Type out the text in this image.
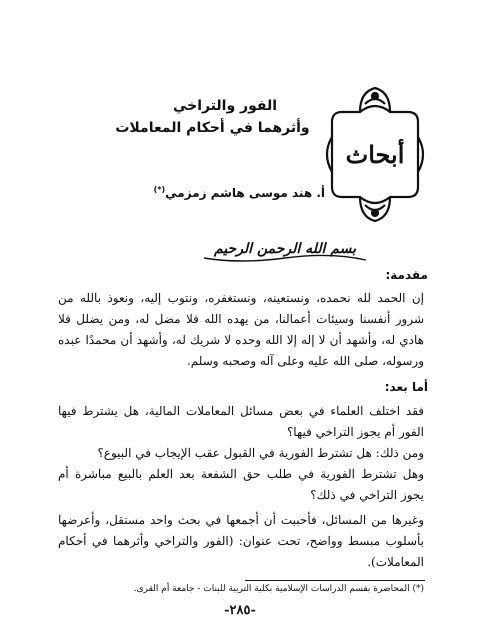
الفور والتراخي
وأثرهما في أحكام المعاملات
أ. هند موسى هاشم زمزمي(*)
أبحاث
بسم الله الرحمن الرحيم
مقدمة:
إن الحمد لله نحمده، ونستعينه، ونستغفره، ونتوب إليه، ونعوذ بالله من شرور أنفسنا وسيئات أعمالنا، من يهده الله فلا مضل له، ومن يضلل فلا هادي له، وأشهد أن لا إله إلا الله وحده لا شريك له، وأشهد أن محمدًا عبده ورسوله، صلى الله عليه وعلى آله وصحبه وسلم.
أما بعد:
فقد اختلف العلماء في بعض مسائل المعاملات المالية، هل يشترط فيها الفور أم يجوز التراخي فيها؟
ومن ذلك: هل تشترط الفورية في القبول عقب الإيجاب في البيوع؟
وهل تشترط الفورية في طلب حق الشفعة بعد العلم بالبيع مباشرة أم يجوز التراخي في ذلك؟
وغيرها من المسائل، فأحببت أن أجمعها في بحث واحد مستقل، وأعرضها بأسلوب مبسط وواضح، تحت عنوان: (الفور والتراخي وأثرهما في أحكام المعاملات).
(*) المحاضرة بقسم الدراسات الإسلامية بكلية التربية للبنات - جامعة أم القرى.
-٢٨٥-
